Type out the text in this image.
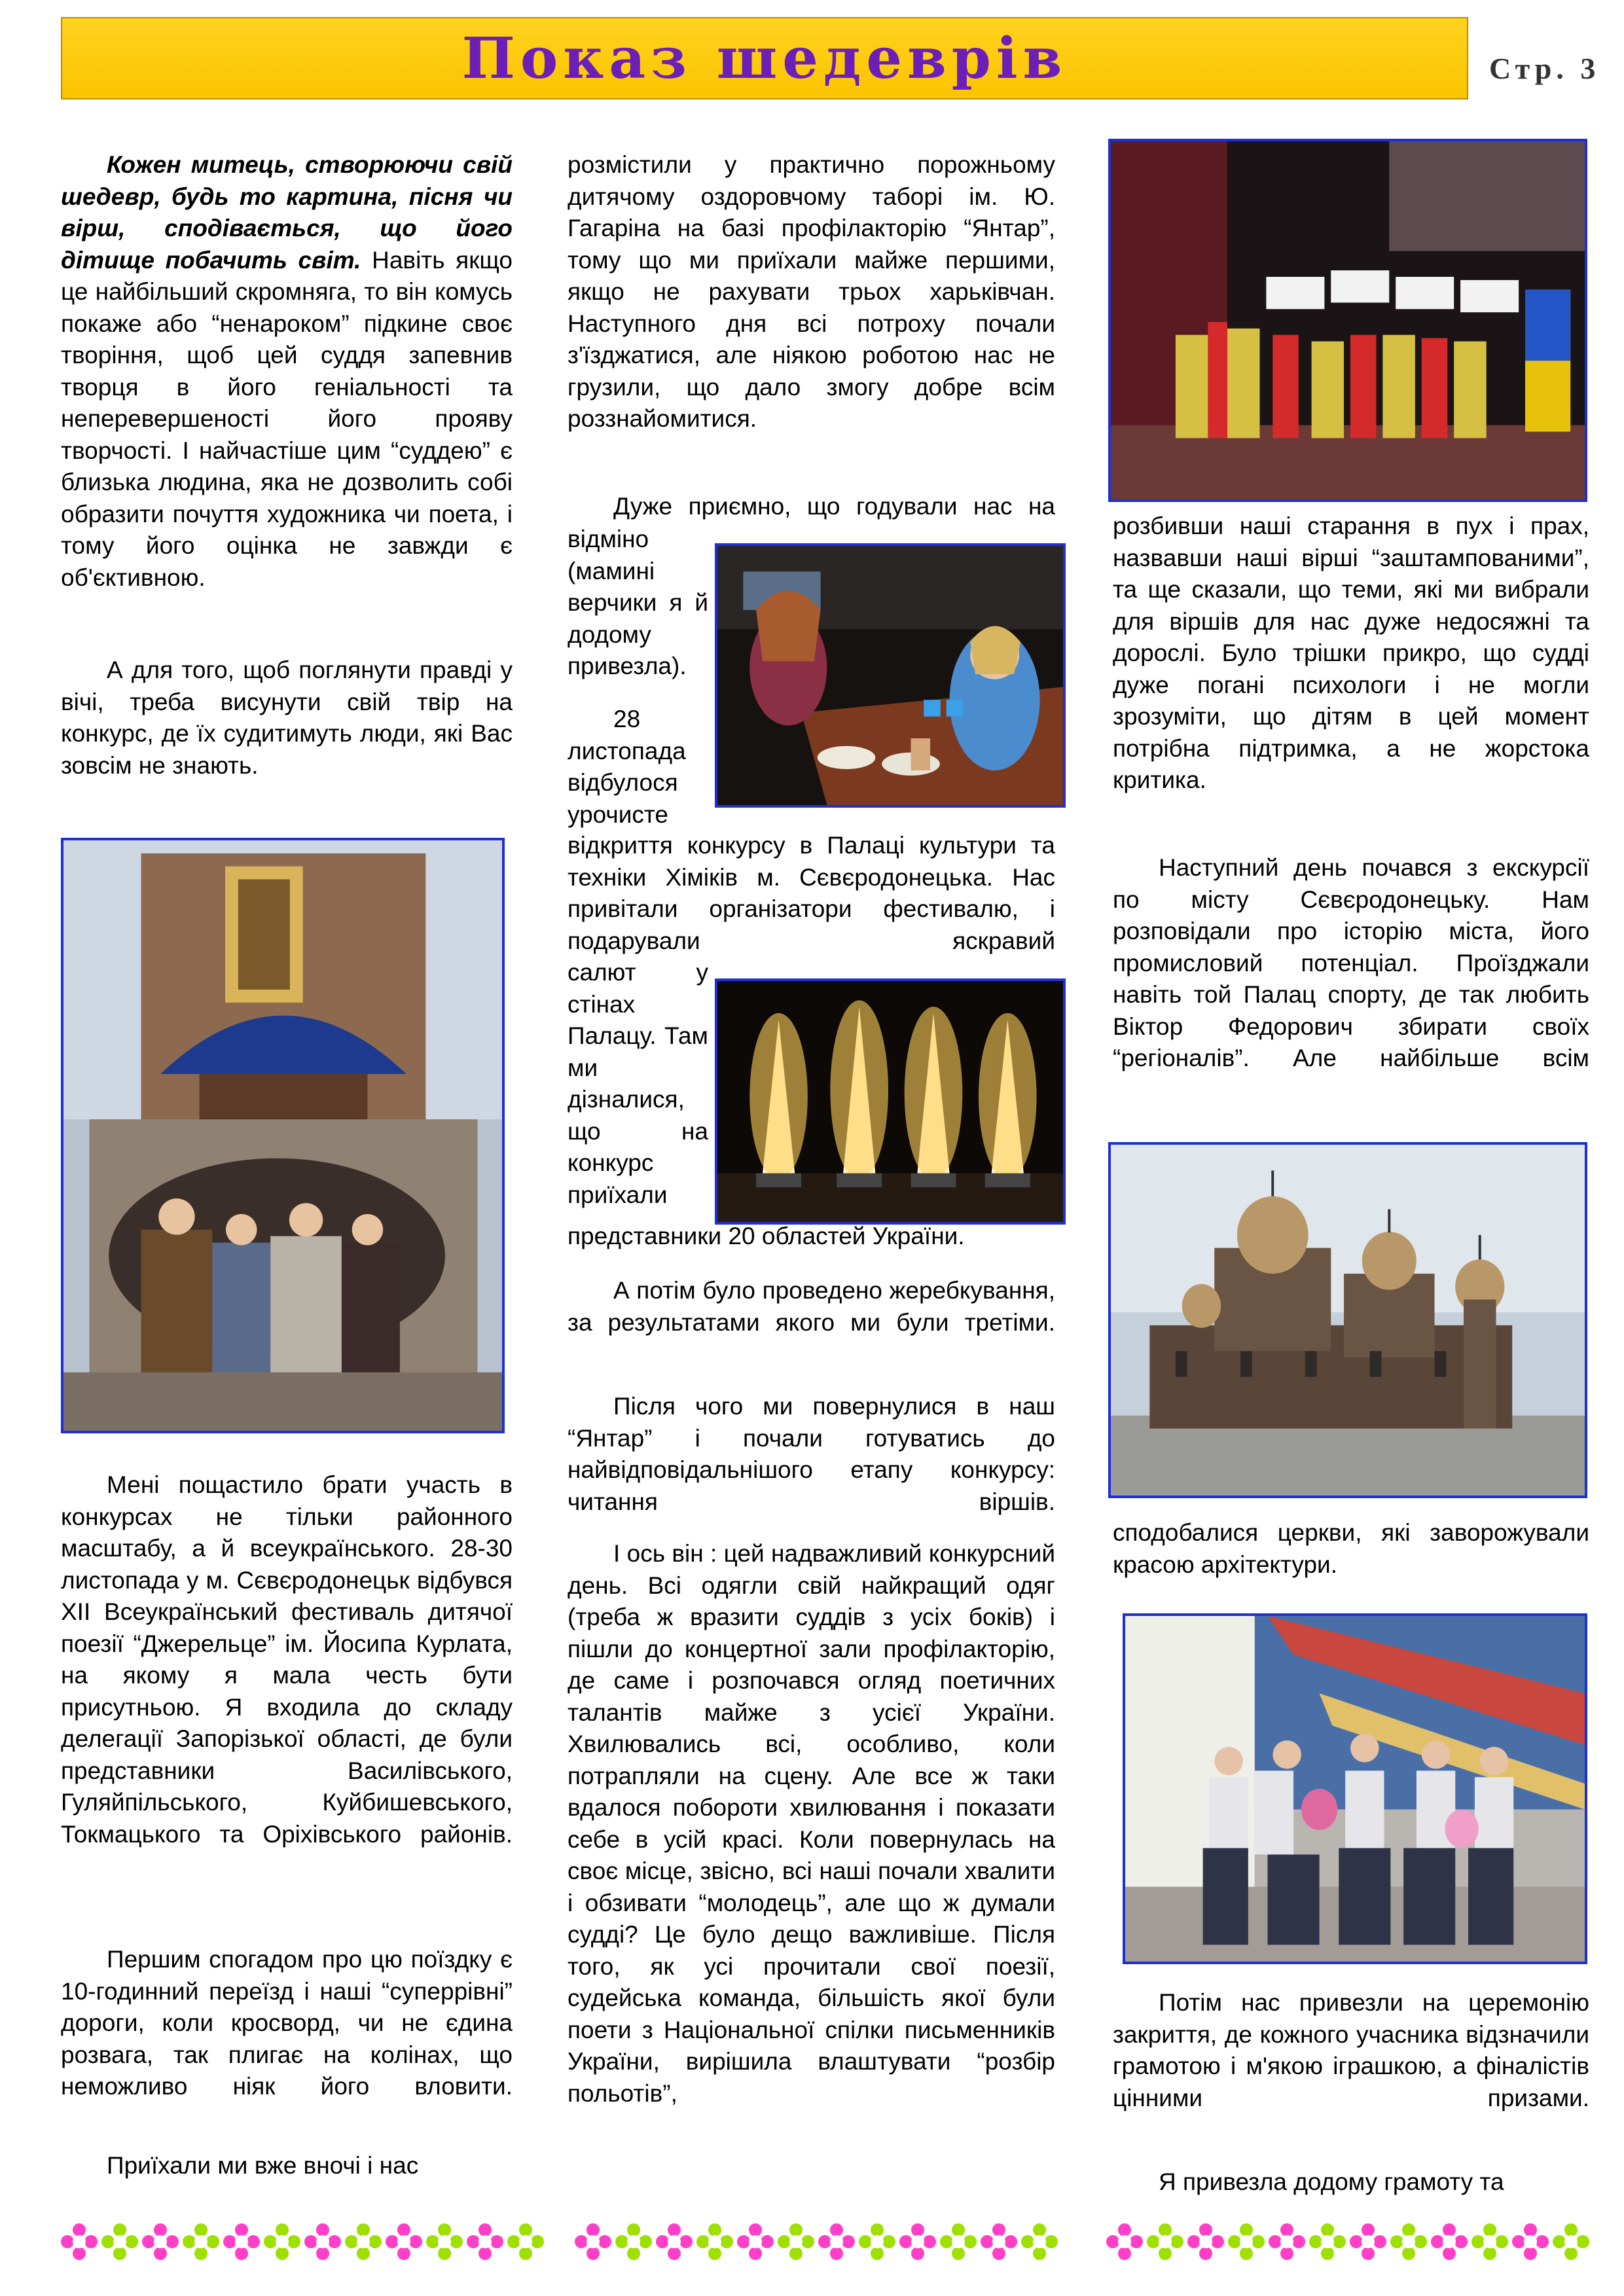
Показ шедеврів	Стр. 3
Кожен митець, створюючи свій шедевр, будь то картина, пісня чи вірш, сподівається, що його дітище побачить світ. Навіть якщо це найбільший скромняга, то він комусь покаже або “ненароком” підкине своє творіння, щоб цей суддя запевнив творця в його геніальності та неперевершеності його прояву творчості. І найчастіше цим “суддею” є близька людина, яка не дозволить собі образити почуття художника чи поета, і тому його оцінка не завжди є об'єктивною.
А для того, щоб поглянути правді у вічі, треба висунути свій твір на конкурс, де їх судитимуть люди, які Вас зовсім не знають.
Мені пощастило брати участь в конкурсах не тільки районного масштабу, а й всеукраїнського. 28-30 листопада у м. Сєвєродонецьк відбувся XII Всеукраїнський фестиваль дитячої поезії “Джерельце” ім. Йосипа Курлата, на якому я мала честь бути присутньою. Я входила до складу делегації Запорізької області, де були представники Василівського, Гуляйпільського, Куйбишевського, Токмацького та Оріхівського районів.
Першим спогадом про цю поїздку є 10-годинний переїзд і наші “суперрівні” дороги, коли кросворд, чи не єдина розвага, так плигає на колінах, що неможливо ніяк його вловити.
Приїхали ми вже вночі і нас
розмістили у практично порожньому дитячому оздоровчому таборі ім. Ю. Гагаріна на базі профілакторію “Янтар”, тому що ми приїхали майже першими, якщо не рахувати трьох харьківчан. Наступного дня всі потроху почали з'їзджатися, але ніякою роботою нас не грузили, що дало змогу добре всім роззнайомитися.
Дуже приємно, що годували нас на
відміно (мамині верчики я й додому привезла).
28 листопада відбулося урочисте
відкриття конкурсу в Палаці культури та техніки Хіміків м. Сєвєродонецька. Нас привітали організатори фестивалю, і подарували яскравий
салют у стінах Палацу. Там ми дізналися, що на конкурс приїхали
представники 20 областей України.
А потім було проведено жеребкування, за результатами якого ми були третіми.
Після чого ми повернулися в наш “Янтар” і почали готуватись до найвідповідальнішого етапу конкурсу: читання віршів.
І ось він : цей надважливий конкурсний день. Всі одягли свій найкращий одяг (треба ж вразити суддів з усіх боків) і пішли до концертної зали профілакторію, де саме і розпочався огляд поетичних талантів майже з усієї України. Хвилювались всі, особливо, коли потрапляли на сцену. Але все ж таки вдалося побороти хвилювання і показати себе в усій красі. Коли повернулась на своє місце, звісно, всі наші почали хвалити і обзивати “молодець”, але що ж думали судді? Це було дещо важливіше. Після того, як усі прочитали свої поезії, судейська команда, більшість якої були поети з Національної спілки письменників України, вирішила влаштувати “розбір польотів”,
розбивши наші старання в пух і прах, назвавши наші вірші “заштампованими”, та ще сказали, що теми, які ми вибрали для віршів для нас дуже недосяжні та дорослі. Було трішки прикро, що судді дуже погані психологи і не могли зрозуміти, що дітям в цей момент потрібна підтримка, а не жорстока критика.
Наступний день почався з екскурсії по місту Сєвєродонецьку. Нам розповідали про історію міста, його промисловий потенціал. Проїзджали навіть той Палац спорту, де так любить Віктор Федорович збирати своїх “регіоналів”. Але найбільше всім
сподобалися церкви, які заворожували красою архітектури.
Потім нас привезли на церемонію закриття, де кожного учасника відзначили грамотою і м'якою іграшкою, а фіналістів цінними призами.
Я привезла додому грамоту та
